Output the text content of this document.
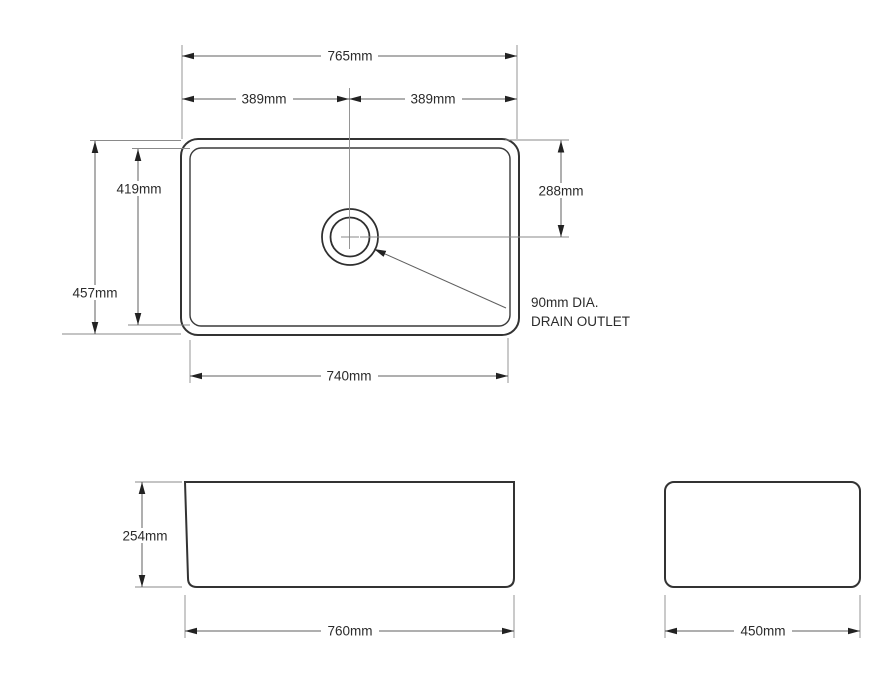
765mm
389mm	389mm
457mm
419mm	288mm
740mm
90mm DIA.
DRAIN OUTLET
254mm
760mm	450mm
